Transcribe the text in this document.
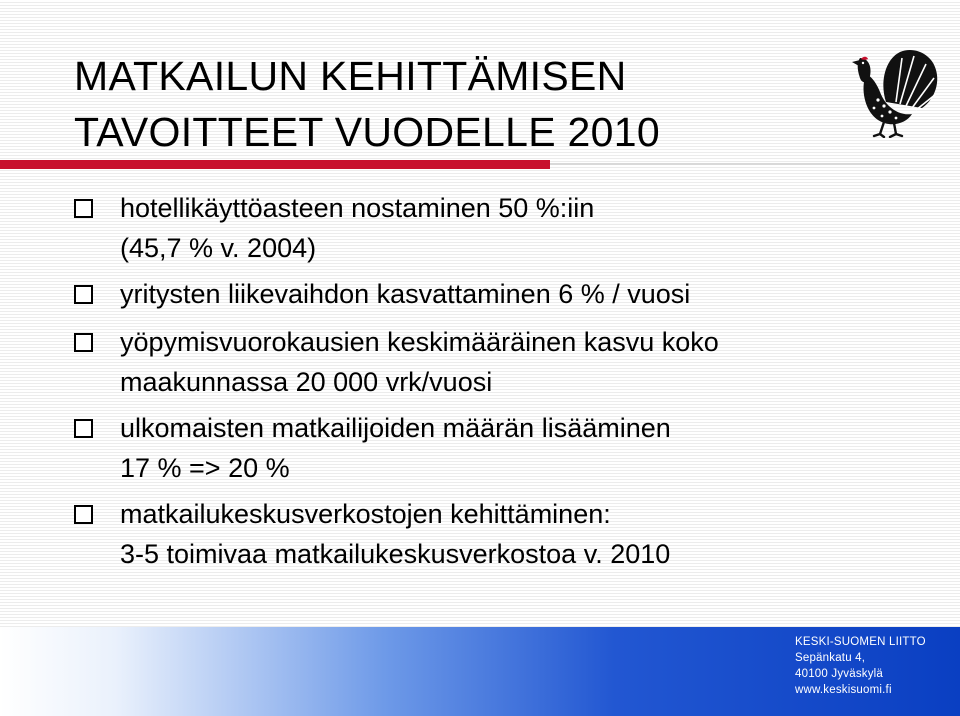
MATKAILUN KEHITTÄMISEN
TAVOITTEET VUODELLE 2010
hotellikäyttöasteen nostaminen 50 %:iin
(45,7 % v. 2004)
yritysten liikevaihdon kasvattaminen 6 % / vuosi
yöpymisvuorokausien keskimääräinen kasvu koko
maakunnassa 20 000 vrk/vuosi
ulkomaisten matkailijoiden määrän lisääminen
17 % => 20 %
matkailukeskusverkostojen kehittäminen:
3-5 toimivaa matkailukeskusverkostoa v. 2010
KESKI-SUOMEN LIITTO
Sepänkatu 4,
40100 Jyväskylä
www.keskisuomi.fi
